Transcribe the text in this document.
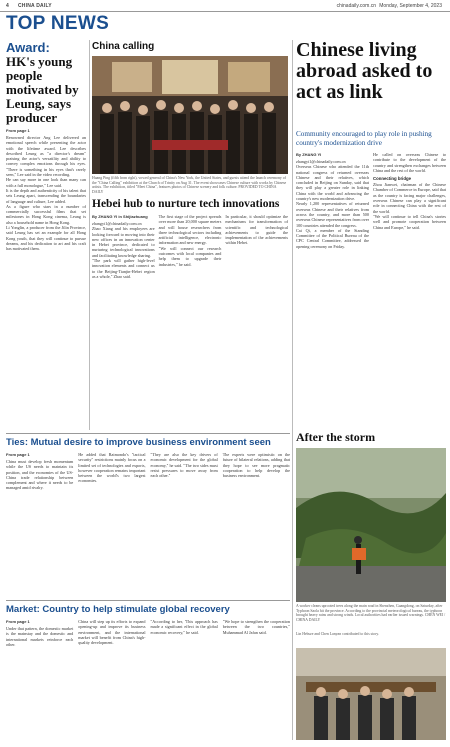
4 CHINA DAILY	chinadaily.com.cn Monday, September 4, 2023
TOP NEWS
Award:
HK's young people motivated by Leung, says producer
From page 1

Renowned director Ang Lee delivered an emotional speech while presenting the actor with the lifetime award. Lee describes described Leung as "a director's dream" praising the actor's versatility and ability to convey complex emotions through his eyes. "There is something in his eyes that's rarely seen," Lee said in the video recording.

He can say more in one look than many can with a full monologue," Lee said.

It is the depth and authenticity of his talent that sets Leung apart, transcending the boundaries of language and culture, Lee added.

As a figure who stars in a number of commercially successful films that set milestones in Hong Kong cinema, Leung is also a household name in Hong Kong.

Li Yonglin, a producer from the Jilin Province, said Leung has set an example for all Hong Kong youth, that they will continue to pursue dreams, and his dedication to art and his craft has motivated them.

China calling
Huang Ping (fifth from right), vowed general of China's New York, the United States, and guests attend the launch ceremony of the "China Calling" exhibition at the Church of Trinity on Aug 31. The event showcases Chinese culture with works by Chinese artists. The exhibition, titled "Meet China", features photos of Chinese scenery and folk culture. PROVIDED TO CHINA DAILY
Hebei hub to nurture tech innovations
By ZHANG YI in Shijiazhuang
zhangyi1@chinadaily.com.cn

Zhao Xiang and his employees are looking forward to moving into their new offices in an innovation center in Hebei province, dedicated to nurturing technological innovations and facilitating knowledge sharing.

"The park will gather high-level innovation elements and connect us to the Beijing-Tianjin-Hebei region as a whole," Zhao said.

The first stage of the project spreads over more than 20,000 square meters and will house researchers from three technological sectors including artificial intelligence, electronic information and new energy.

"We will connect our research outcomes with local companies and help them to upgrade their industries," he said.

In particular, it should optimize the mechanisms for transformation of scientific and technological achievements to guide the implementation of the achievements within Hebei.

Chinese living abroad asked to act as link
Community encouraged to play role in pushing country's modernization drive
By ZHANG YI
zhangyi1@chinadaily.com.cn

Overseas Chinese who attended the 11th national congress of returned overseas Chinese and their relatives, which concluded in Beijing on Sunday, said that they will play a greater role in linking China with the world and advancing the country's new modernization drive.

Nearly 1,200 representatives of returned overseas Chinese and their relatives from across the country, and more than 500 overseas Chinese representatives from over 100 countries attended the congress.

Cai Qi, a member of the Standing Committee of the Political Bureau of the CPC Central Committee, addressed the opening ceremony on Friday.

He called on overseas Chinese to contribute to the development of the country and strengthen exchanges between China and the rest of the world.

Connecting bridge

Zhou Jianwei, chairman of the Chinese Chamber of Commerce in Europe, said that as the country is facing major challenges, overseas Chinese can play a significant role in connecting China with the rest of the world.

"We will continue to tell China's stories well and promote cooperation between China and Europe," he said.

After the storm
A worker cleans uprooted trees along the main road in Shenzhen, Guangdong, on Saturday, after Typhoon Saola hit the province. According to the provincial meteorological bureau, the typhoon brought heavy rains and strong winds. Local authorities had earlier issued warnings. CHEN WEI / CHINA DAILY
Ties: Mutual desire to improve business environment seen
From page 1

China must develop fresh momentum while the US needs to maintain its position, and the economies of the US-China trade relationship between complement and where it needs to be managed amid rivalry.

He added that Raimondo's "tactical security" restrictions mainly focus on a limited set of technologies and exports, however cooperation remains important between the world's two largest economies.

"They are also the key drivers of economic development for the global economy," he said. "The two sides must resist pressures to move away from each other."

The experts were optimistic on the future of bilateral relations, adding that they hope to see more pragmatic cooperation to help develop the business environment.

Market: Country to help stimulate global recovery
From page 1

Under that pattern, the domestic market is the mainstay and the domestic and international markets reinforce each other.

China will step up its efforts to expand opening-up and improve its business environment, and the international market will benefit from China's high-quality development.

"According to her, 'This approach has made a significant effect in the global economic recovery," he said.

"We hope to strengthen the cooperation between the two countries," Muhammad Al Jafan said.	Lin Hebsze and Chen Lanyan contributed to this story.
